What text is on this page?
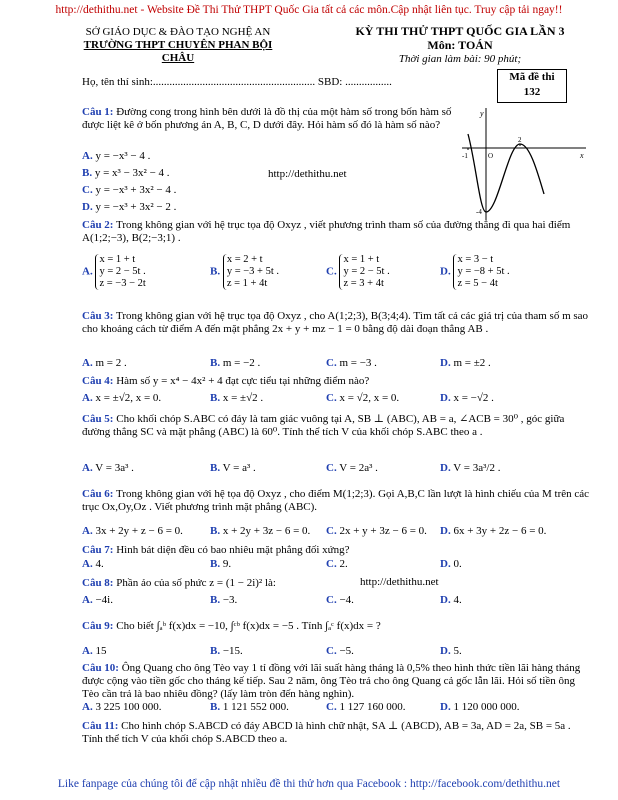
http://dethithu.net - Website Đề Thi Thử THPT Quốc Gia tất cả các môn.Cập nhật liên tục. Truy cập tải ngay!!
SỞ GIÁO DỤC & ĐÀO TẠO NGHỆ AN
TRƯỜNG THPT CHUYÊN PHAN BỘI CHÂU
KỲ THI THỬ THPT QUỐC GIA LẦN 3
Môn: TOÁN
Thời gian làm bài: 90 phút;
Họ, tên thí sinh:........................................................... SBD: .................	Mã đề thi
132
y
x
-1	O
2
-4
Câu 1: Đường cong trong hình bên dưới là đồ thị của một hàm số trong bốn hàm số được liệt kê ở bốn phương án A, B, C, D dưới đây. Hỏi hàm số đó là hàm số nào?
A. y = −x³ − 4 .
B. y = x³ − 3x² − 4 .
C. y = −x³ + 3x² − 4 .
D. y = −x³ + 3x² − 2 .
http://dethithu.net
Câu 2: Trong không gian với hệ trục tọa độ Oxyz , viết phương trình tham số của đường thẳng đi qua hai điểm A(1;2;−3), B(2;−3;1) .
A. x = 1 + t
y = 2 − 5t .
z = −3 − 2t
B. x = 2 + t
y = −3 + 5t .
z = 1 + 4t
C. x = 1 + t
y = 2 − 5t .
z = 3 + 4t
D. x = 3 − t
y = −8 + 5t .
z = 5 − 4t
Câu 3: Trong không gian với hệ trục tọa độ Oxyz , cho A(1;2;3), B(3;4;4). Tìm tất cả các giá trị của tham số m sao cho khoảng cách từ điểm A đến mặt phẳng 2x + y + mz − 1 = 0 bằng độ dài đoạn thẳng AB .
A. m = 2 .	B. m = −2 .	C. m = −3 .	D. m = ±2 .
Câu 4: Hàm số y = x⁴ − 4x² + 4 đạt cực tiểu tại những điểm nào?
A. x = ±√2, x = 0.	B. x = ±√2 .	C. x = √2, x = 0.	D. x = −√2 .
Câu 5: Cho khối chóp S.ABC có đáy là tam giác vuông tại A, SB ⊥ (ABC), AB = a, ∠ACB = 30⁰ , góc giữa đường thẳng SC và mặt phẳng (ABC) là 60⁰. Tính thể tích V của khối chóp S.ABC theo a .
A. V = 3a³ .	B. V = a³ .	C. V = 2a³ .	D. V = 3a³/2 .
Câu 6: Trong không gian với hệ tọa độ Oxyz , cho điểm M(1;2;3). Gọi A,B,C lần lượt là hình chiếu của M trên các trục Ox,Oy,Oz . Viết phương trình mặt phẳng (ABC).
A. 3x + 2y + z − 6 = 0. B. x + 2y + 3z − 6 = 0. C. 2x + y + 3z − 6 = 0. D. 6x + 3y + 2z − 6 = 0.
Câu 7: Hình bát diện đều có bao nhiêu mặt phẳng đối xứng?
A. 4.	B. 9.	C. 2.	D. 0.
Câu 8: Phần ảo của số phức z = (1 − 2i)² là:	http://dethithu.net
A. −4i.	B. −3.	C. −4.	D. 4.
Câu 9: Cho biết ∫ₐᵇ f(x)dx = −10, ∫ᶜᵇ f(x)dx = −5 . Tính ∫ₐᶜ f(x)dx = ?
A. 15	B. −15.	C. −5.	D. 5.
Câu 10: Ông Quang cho ông Tèo vay 1 tỉ đồng với lãi suất hàng tháng là 0,5% theo hình thức tiền lãi hàng tháng được cộng vào tiền gốc cho tháng kế tiếp. Sau 2 năm, ông Tèo trả cho ông Quang cả gốc lẫn lãi. Hỏi số tiền ông Tèo cần trả là bao nhiêu đồng? (lấy làm tròn đến hàng nghìn).
A. 3 225 100 000.	B. 1 121 552 000.	C. 1 127 160 000.	D. 1 120 000 000.
Câu 11: Cho hình chóp S.ABCD có đáy ABCD là hình chữ nhật, SA ⊥ (ABCD), AB = 3a, AD = 2a, SB = 5a . Tính thể tích V của khối chóp S.ABCD theo a.
Like fanpage của chúng tôi để cập nhật nhiều đề thi thử hơn qua Facebook : http://facebook.com/dethithu.net
